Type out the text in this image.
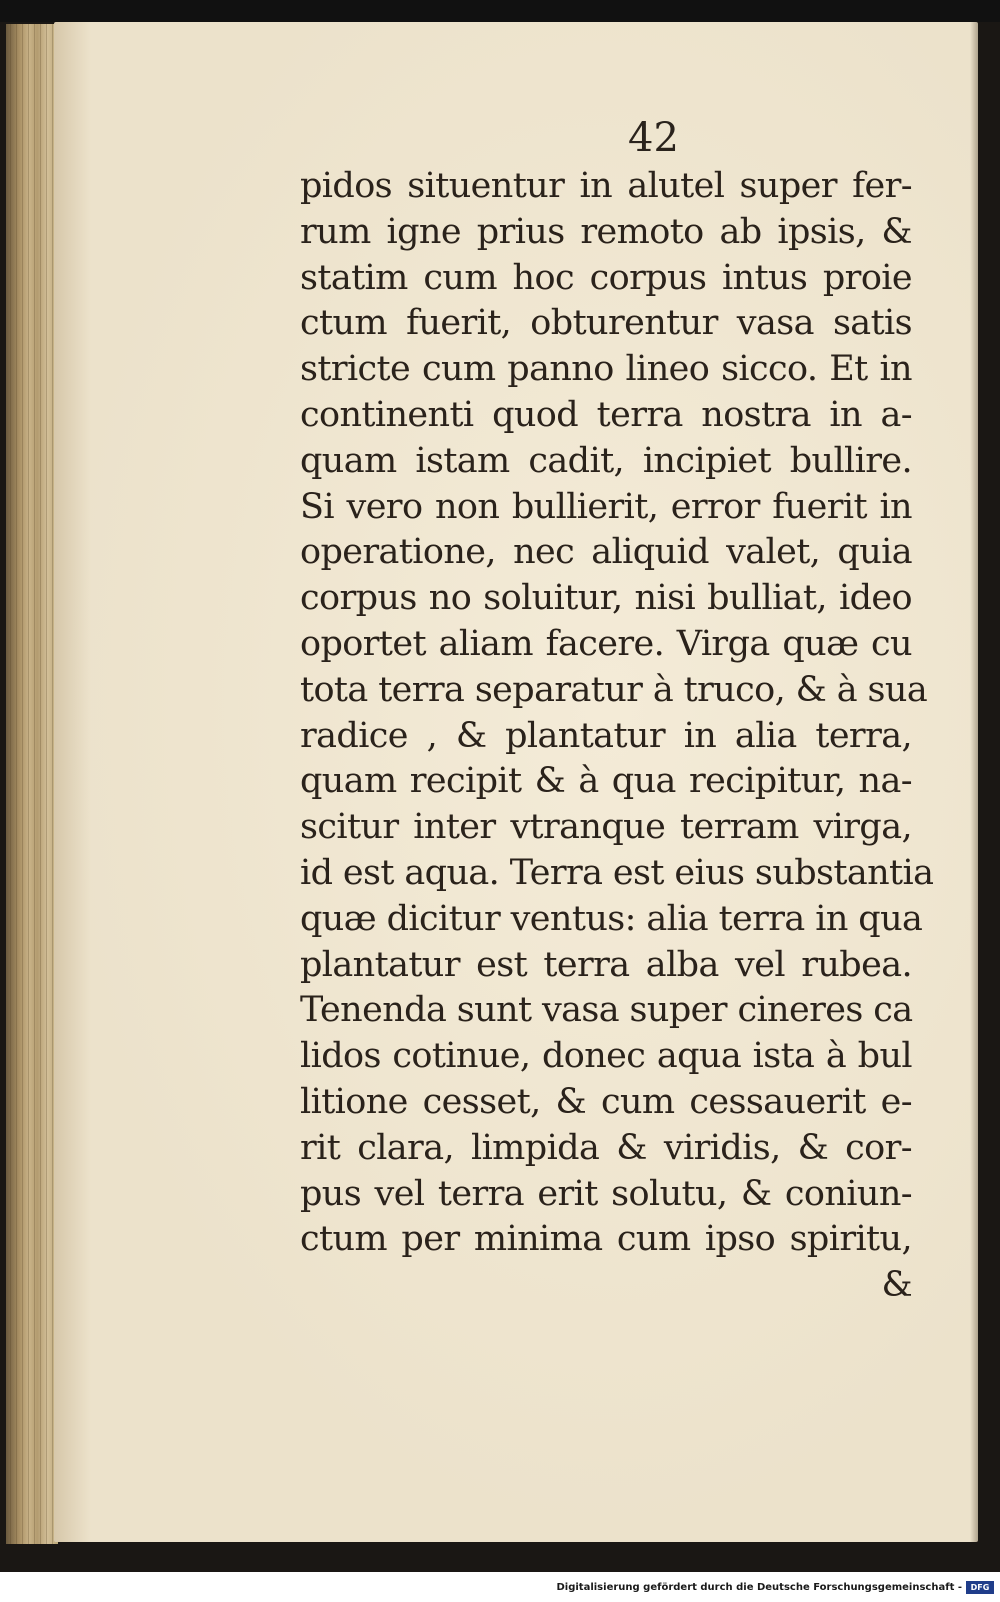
42

pidos situentur in alutel super fer-
rum igne prius remoto ab ipsis, &
statim cum hoc corpus intus proie
ctum fuerit, obturentur vasa satis
stricte cum panno lineo sicco. Et in
continenti quod terra nostra in a-
quam istam cadit, incipiet bullire.
Si vero non bullierit, error fuerit in
operatione, nec aliquid valet, quia
corpus no soluitur, nisi bulliat, ideo
oportet aliam facere. Virga quæ cu
tota terra separatur à truco, & à sua
radice , & plantatur in alia terra,
quam recipit & à qua recipitur, na-
scitur inter vtranque terram virga,
id est aqua. Terra est eius substantia
quæ dicitur ventus: alia terra in qua
plantatur est terra alba vel rubea.
Tenenda sunt vasa super cineres ca
lidos cotinue, donec aqua ista à bul
litione cesset, & cum cessauerit e-
rit clara, limpida & viridis, & cor-
pus vel terra erit solutu, & coniun-
ctum per minima cum ipso spiritu,
&

Digitalisierung gefördert durch die Deutsche Forschungsgemeinschaft -	DFG
